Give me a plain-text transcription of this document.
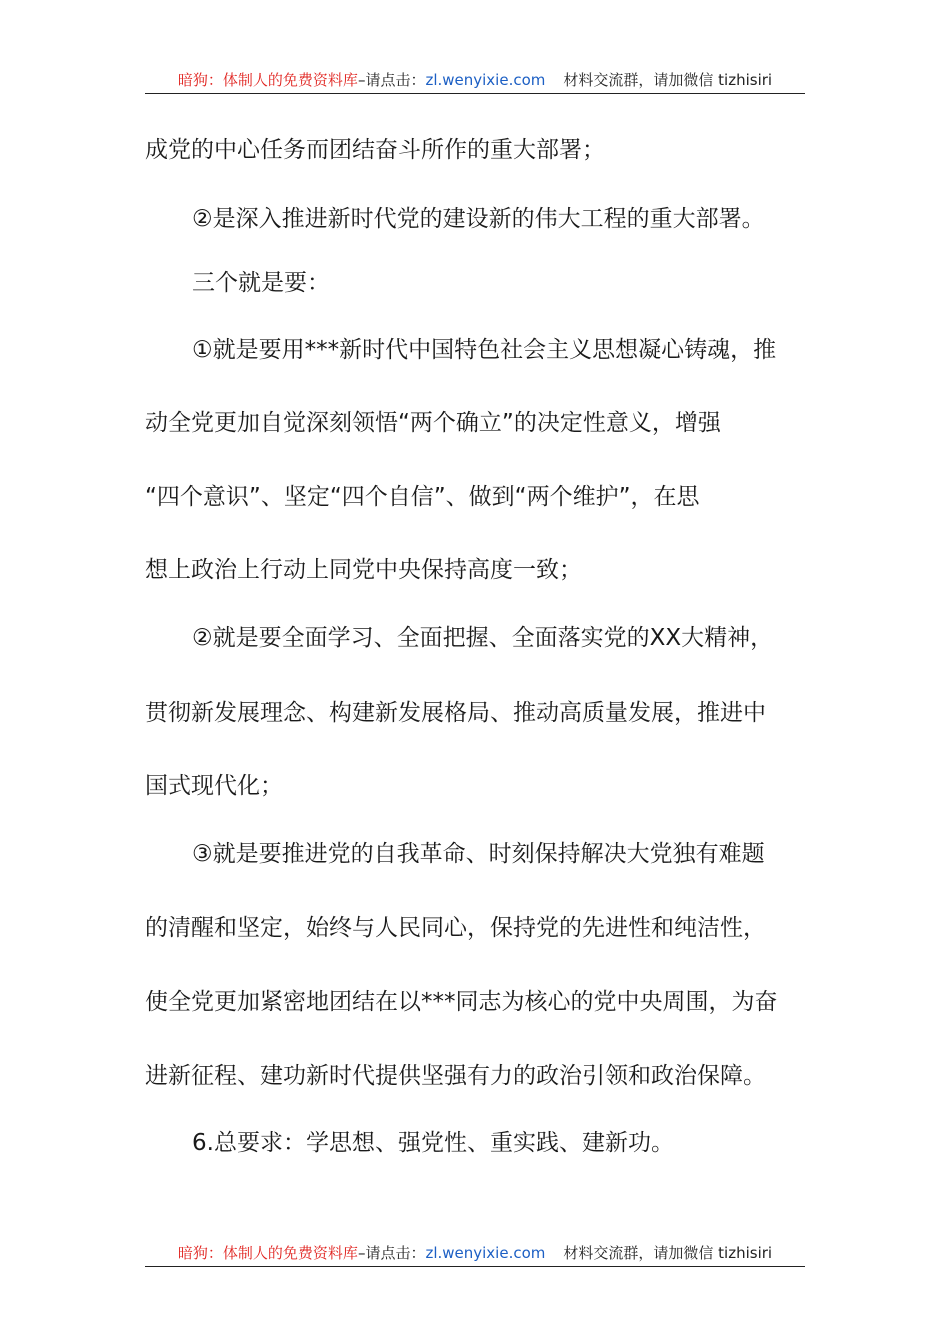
暗狗：体制人的免费资料库–请点击：zl.wenyixie.com 材料交流群，请加微信 tizhisiri
成党的中心任务而团结奋斗所作的重大部署；
②是深入推进新时代党的建设新的伟大工程的重大部署。
三个就是要：
①就是要用***新时代中国特色社会主义思想凝心铸魂，推
动全党更加自觉深刻领悟“两个确立”的决定性意义，增强
“四个意识”、坚定“四个自信”、做到“两个维护”，在思
想上政治上行动上同党中央保持高度一致；
②就是要全面学习、全面把握、全面落实党的XX大精神，
贯彻新发展理念、构建新发展格局、推动高质量发展，推进中
国式现代化；
③就是要推进党的自我革命、时刻保持解决大党独有难题
的清醒和坚定，始终与人民同心，保持党的先进性和纯洁性，
使全党更加紧密地团结在以***同志为核心的党中央周围，为奋
进新征程、建功新时代提供坚强有力的政治引领和政治保障。
6.总要求：学思想、强党性、重实践、建新功。
暗狗：体制人的免费资料库–请点击：zl.wenyixie.com 材料交流群，请加微信 tizhisiri
